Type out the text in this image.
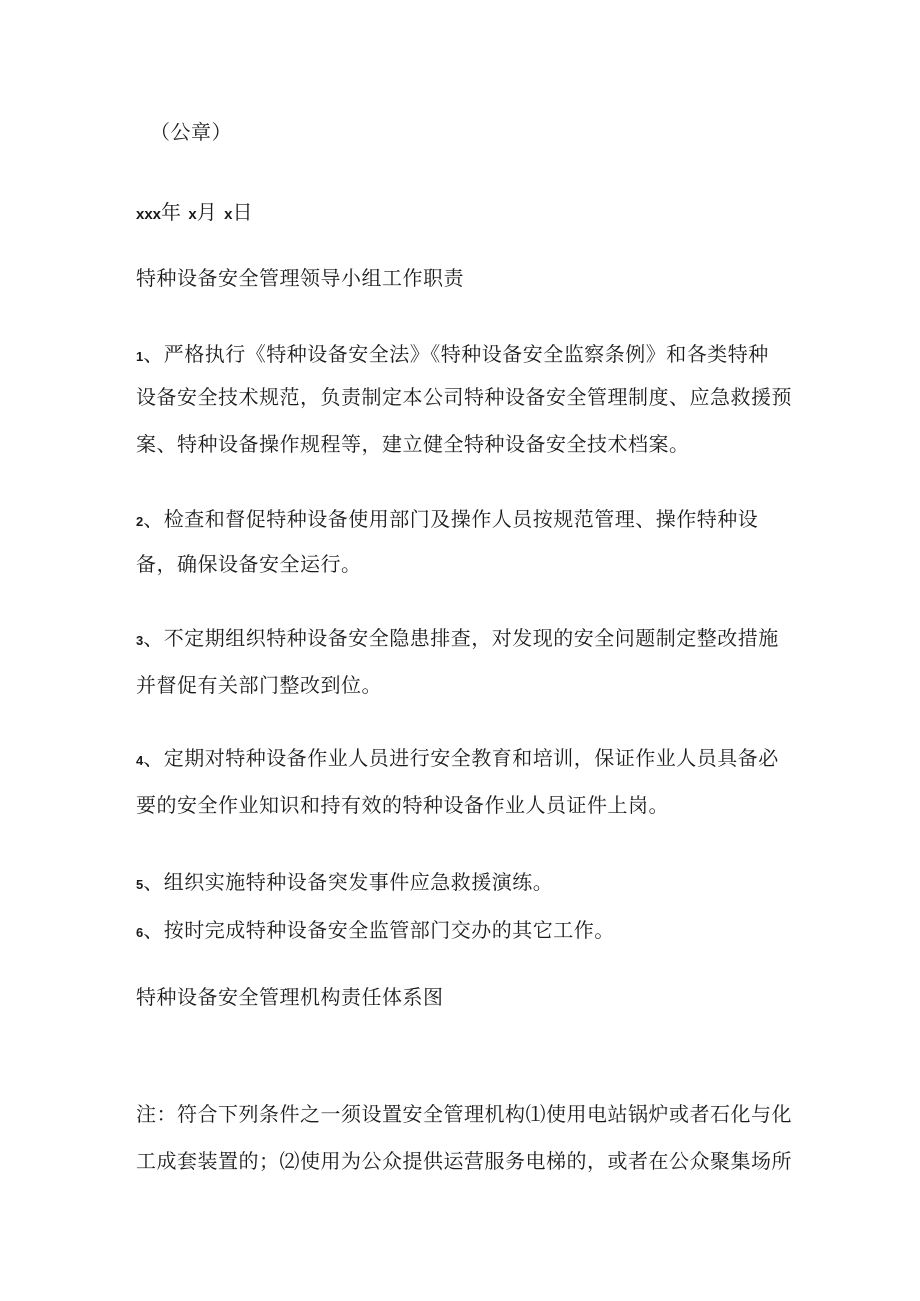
（公章）
xxx年 x月 x日
特种设备安全管理领导小组工作职责
1、严格执行《特种设备安全法》《特种设备安全监察条例》和各类特种
设备安全技术规范，负责制定本公司特种设备安全管理制度、应急救援预
案、特种设备操作规程等，建立健全特种设备安全技术档案。
2、检查和督促特种设备使用部门及操作人员按规范管理、操作特种设
备，确保设备安全运行。
3、不定期组织特种设备安全隐患排查，对发现的安全问题制定整改措施
并督促有关部门整改到位。
4、定期对特种设备作业人员进行安全教育和培训，保证作业人员具备必
要的安全作业知识和持有效的特种设备作业人员证件上岗。
5、组织实施特种设备突发事件应急救援演练。
6、按时完成特种设备安全监管部门交办的其它工作。
特种设备安全管理机构责任体系图
注：符合下列条件之一须设置安全管理机构⑴使用电站锅炉或者石化与化
工成套装置的；⑵使用为公众提供运营服务电梯的，或者在公众聚集场所
